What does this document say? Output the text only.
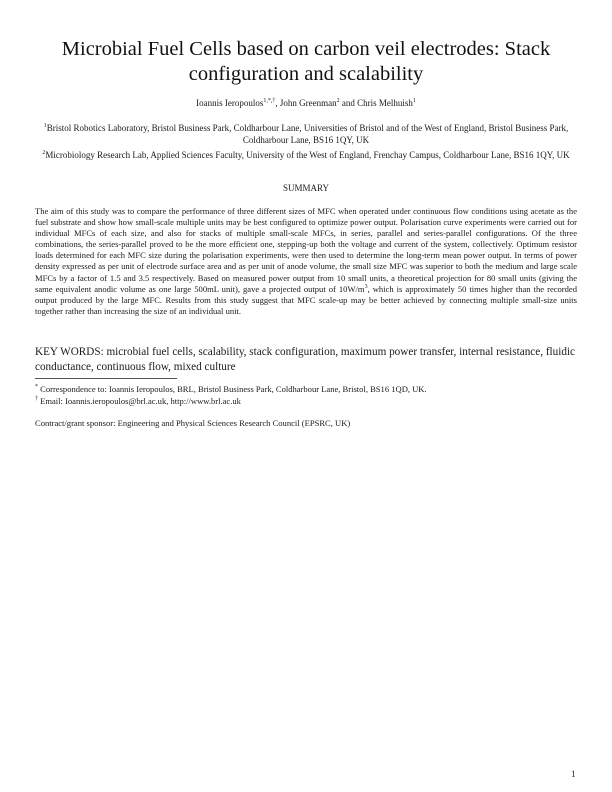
Microbial Fuel Cells based on carbon veil electrodes: Stack configuration and scalability
Ioannis Ieropoulos$^{1,*,\dagger}$, John Greenman$^2$ and Chris Melhuish$^1$
$^1$Bristol Robotics Laboratory, Bristol Business Park, Coldharbour Lane, Universities of Bristol and of the West of England, Bristol Business Park, Coldharbour Lane, BS16 1QY, UK
$^2$Microbiology Research Lab, Applied Sciences Faculty, University of the West of England, Frenchay Campus, Coldharbour Lane, BS16 1QY, UK
SUMMARY

The aim of this study was to compare the performance of three different sizes of MFC when operated under continuous flow conditions using acetate as the fuel substrate and show how small-scale multiple units may be best configured to optimize power output. Polarisation curve experiments were carried out for individual MFCs of each size, and also for stacks of multiple small-scale MFCs, in series, parallel and series-parallel configurations. Of the three combinations, the series-parallel proved to be the more efficient one, stepping-up both the voltage and current of the system, collectively. Optimum resistor loads determined for each MFC size during the polarisation experiments, were then used to determine the long-term mean power output. In terms of power density expressed as per unit of electrode surface area and as per unit of anode volume, the small size MFC was superior to both the medium and large scale MFCs by a factor of 1.5 and 3.5 respectively. Based on measured power output from 10 small units, a theoretical projection for 80 small units (giving the same equivalent anodic volume as one large 500mL unit), gave a projected output of $10W/m^3$, which is approximately 50 times higher than the recorded output produced by the large MFC. Results from this study suggest that MFC scale-up may be better achieved by connecting multiple small-size units together rather than increasing the size of an individual unit.

KEY WORDS: microbial fuel cells, scalability, stack configuration, maximum power transfer, internal resistance, fluidic conductance, continuous flow, mixed culture

* Correspondence to: Ioannis Ieropoulos, BRL, Bristol Business Park, Coldharbour Lane, Bristol, BS16 1QD, UK.
† Email: Ioannis.ieropoulos@brl.ac.uk, http://www.brl.ac.uk

Contract/grant sponsor: Engineering and Physical Sciences Research Council (EPSRC, UK)

1
